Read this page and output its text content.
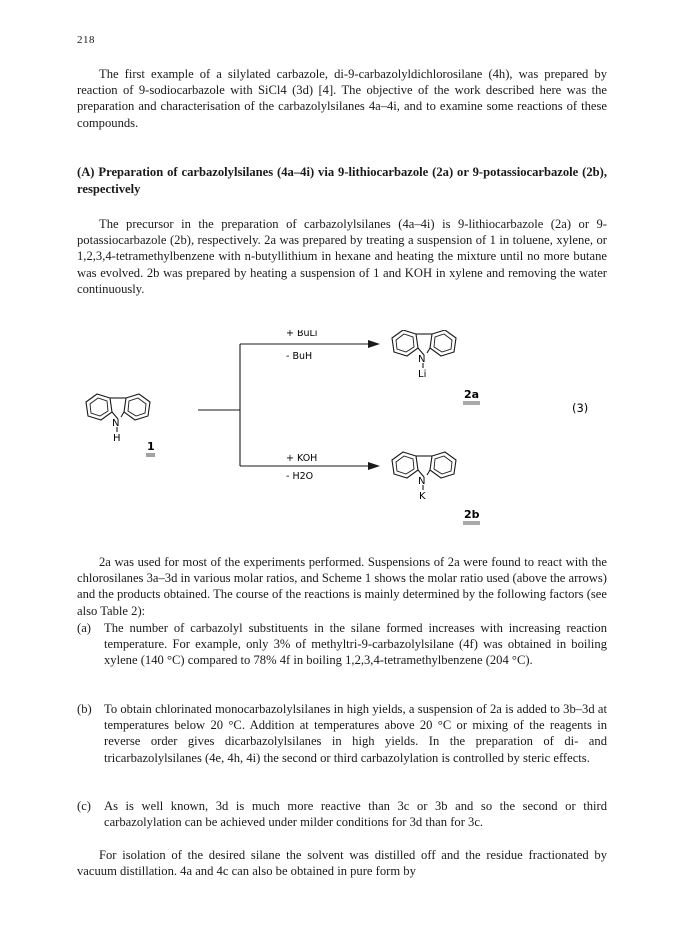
218

The first example of a silylated carbazole, di-9-carbazolyldichlorosilane (4h), was prepared by reaction of 9-sodiocarbazole with SiCl4 (3d) [4]. The objective of the work described here was the preparation and characterisation of the carbazolylsilanes 4a–4i, and to examine some reactions of these compounds.

(A) Preparation of carbazolylsilanes (4a–4i) via 9-lithiocarbazole (2a) or 9-potassiocarbazole (2b), respectively

The precursor in the preparation of carbazolylsilanes (4a–4i) is 9-lithiocarbazole (2a) or 9-potassiocarbazole (2b), respectively. 2a was prepared by treating a suspension of 1 in toluene, xylene, or 1,2,3,4-tetramethylbenzene with n-butyllithium in hexane and heating the mixture until no more butane was evolved. 2b was prepared by heating a suspension of 1 and KOH in xylene and removing the water continuously.

+ BuLi
- BuH
+ KOH
- H2O
N
H
1
N
Li
2a
N
K
2b
(3)

2a was used for most of the experiments performed. Suspensions of 2a were found to react with the chlorosilanes 3a–3d in various molar ratios, and Scheme 1 shows the molar ratio used (above the arrows) and the products obtained. The course of the reactions is mainly determined by the following factors (see also Table 2):

(a) The number of carbazolyl substituents in the silane formed increases with increasing reaction temperature. For example, only 3% of methyltri-9-carbazolylsilane (4f) was obtained in boiling xylene (140 °C) compared to 78% 4f in boiling 1,2,3,4-tetramethylbenzene (204 °C).
(b) To obtain chlorinated monocarbazolylsilanes in high yields, a suspension of 2a is added to 3b–3d at temperatures below 20 °C. Addition at temperatures above 20 °C or mixing of the reagents in reverse order gives dicarbazolylsilanes in high yields. In the preparation of di- and tricarbazolylsilanes (4e, 4h, 4i) the second or third carbazolylation is controlled by steric effects.
(c) As is well known, 3d is much more reactive than 3c or 3b and so the second or third carbazolylation can be achieved under milder conditions for 3d than for 3c.

For isolation of the desired silane the solvent was distilled off and the residue fractionated by vacuum distillation. 4a and 4c can also be obtained in pure form by
